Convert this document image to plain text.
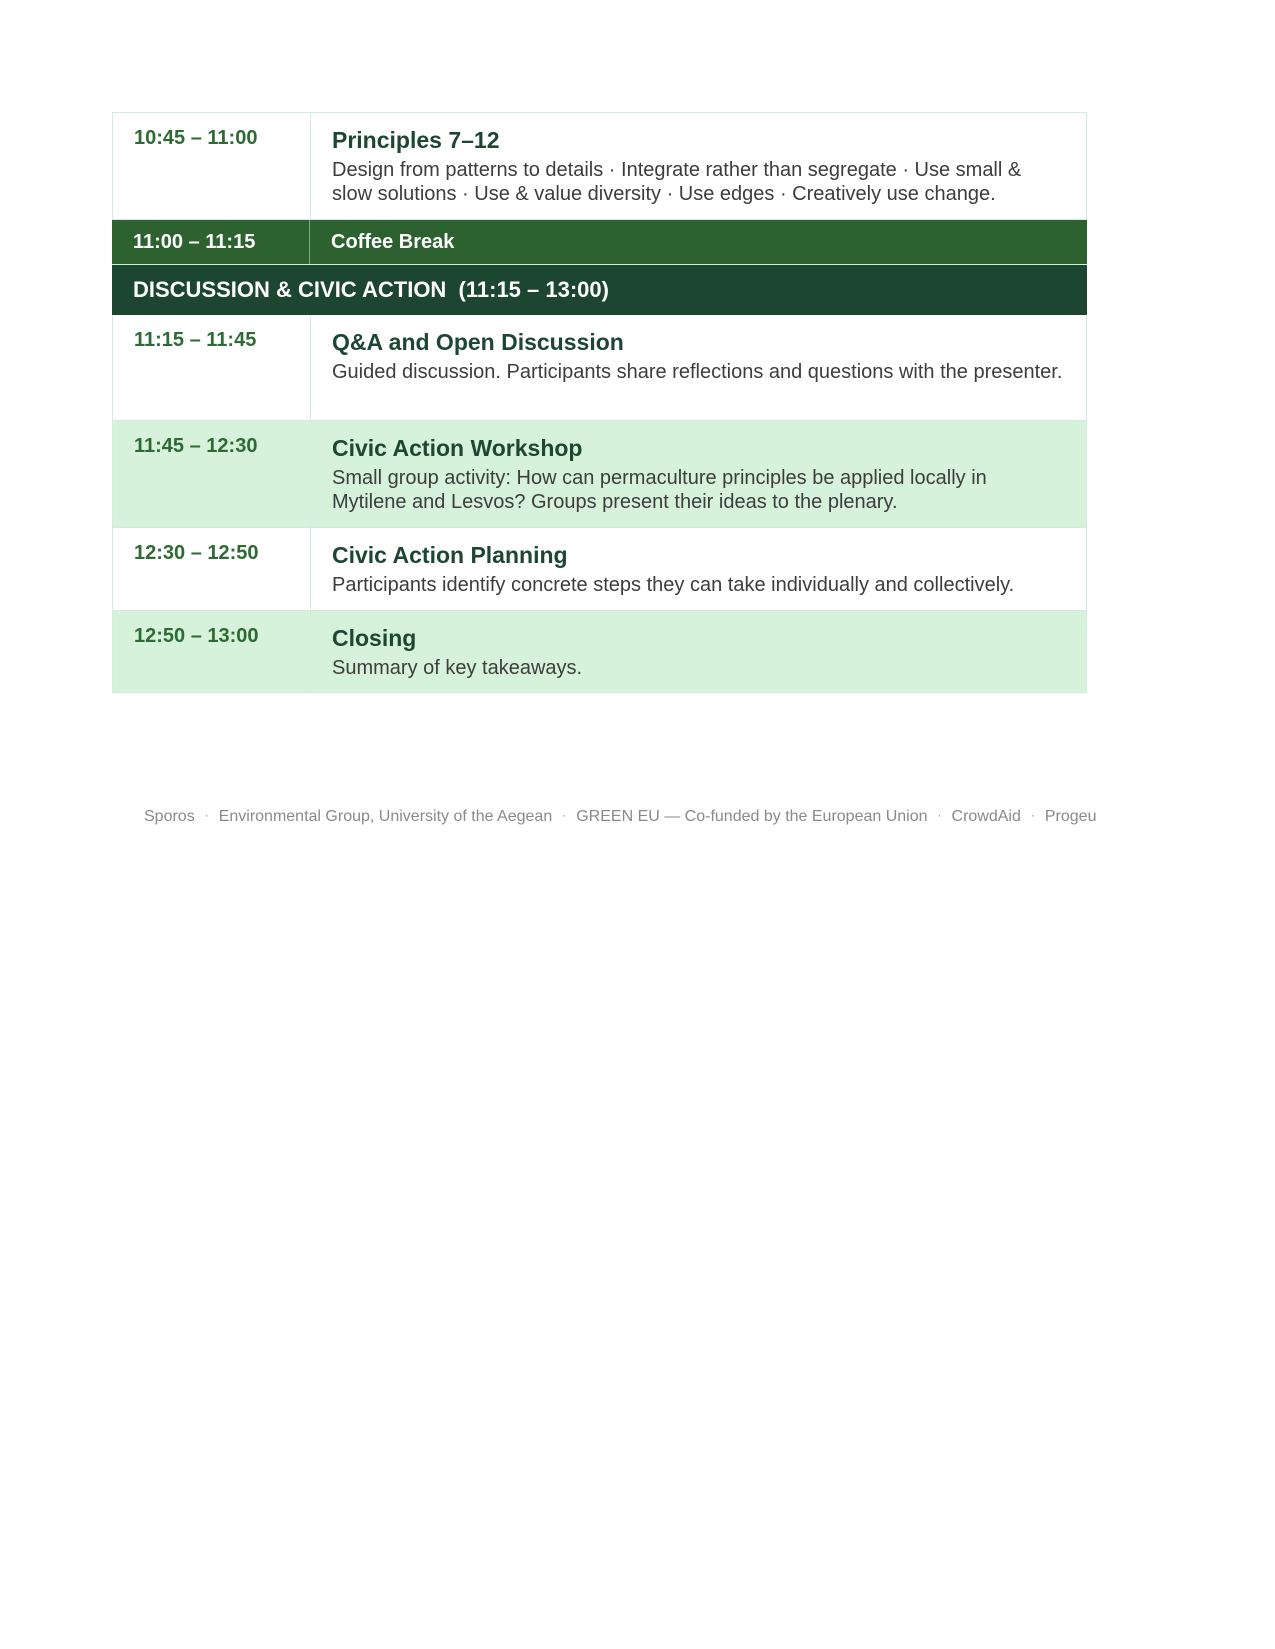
10:45 – 11:00	Principles 7–12
Design from patterns to details · Integrate rather than segregate · Use small & slow solutions · Use & value diversity · Use edges · Creatively use change.
11:00 – 11:15	Coffee Break
DISCUSSION & CIVIC ACTION  (11:15 – 13:00)
11:15 – 11:45	Q&A and Open Discussion
Guided discussion. Participants share reflections and questions with the presenter.
11:45 – 12:30	Civic Action Workshop
Small group activity: How can permaculture principles be applied locally in Mytilene and Lesvos? Groups present their ideas to the plenary.
12:30 – 12:50	Civic Action Planning
Participants identify concrete steps they can take individually and collectively.
12:50 – 13:00	Closing
Summary of key takeaways.
Sporos · Environmental Group, University of the Aegean · GREEN EU — Co-funded by the European Union · CrowdAid · Progeu
